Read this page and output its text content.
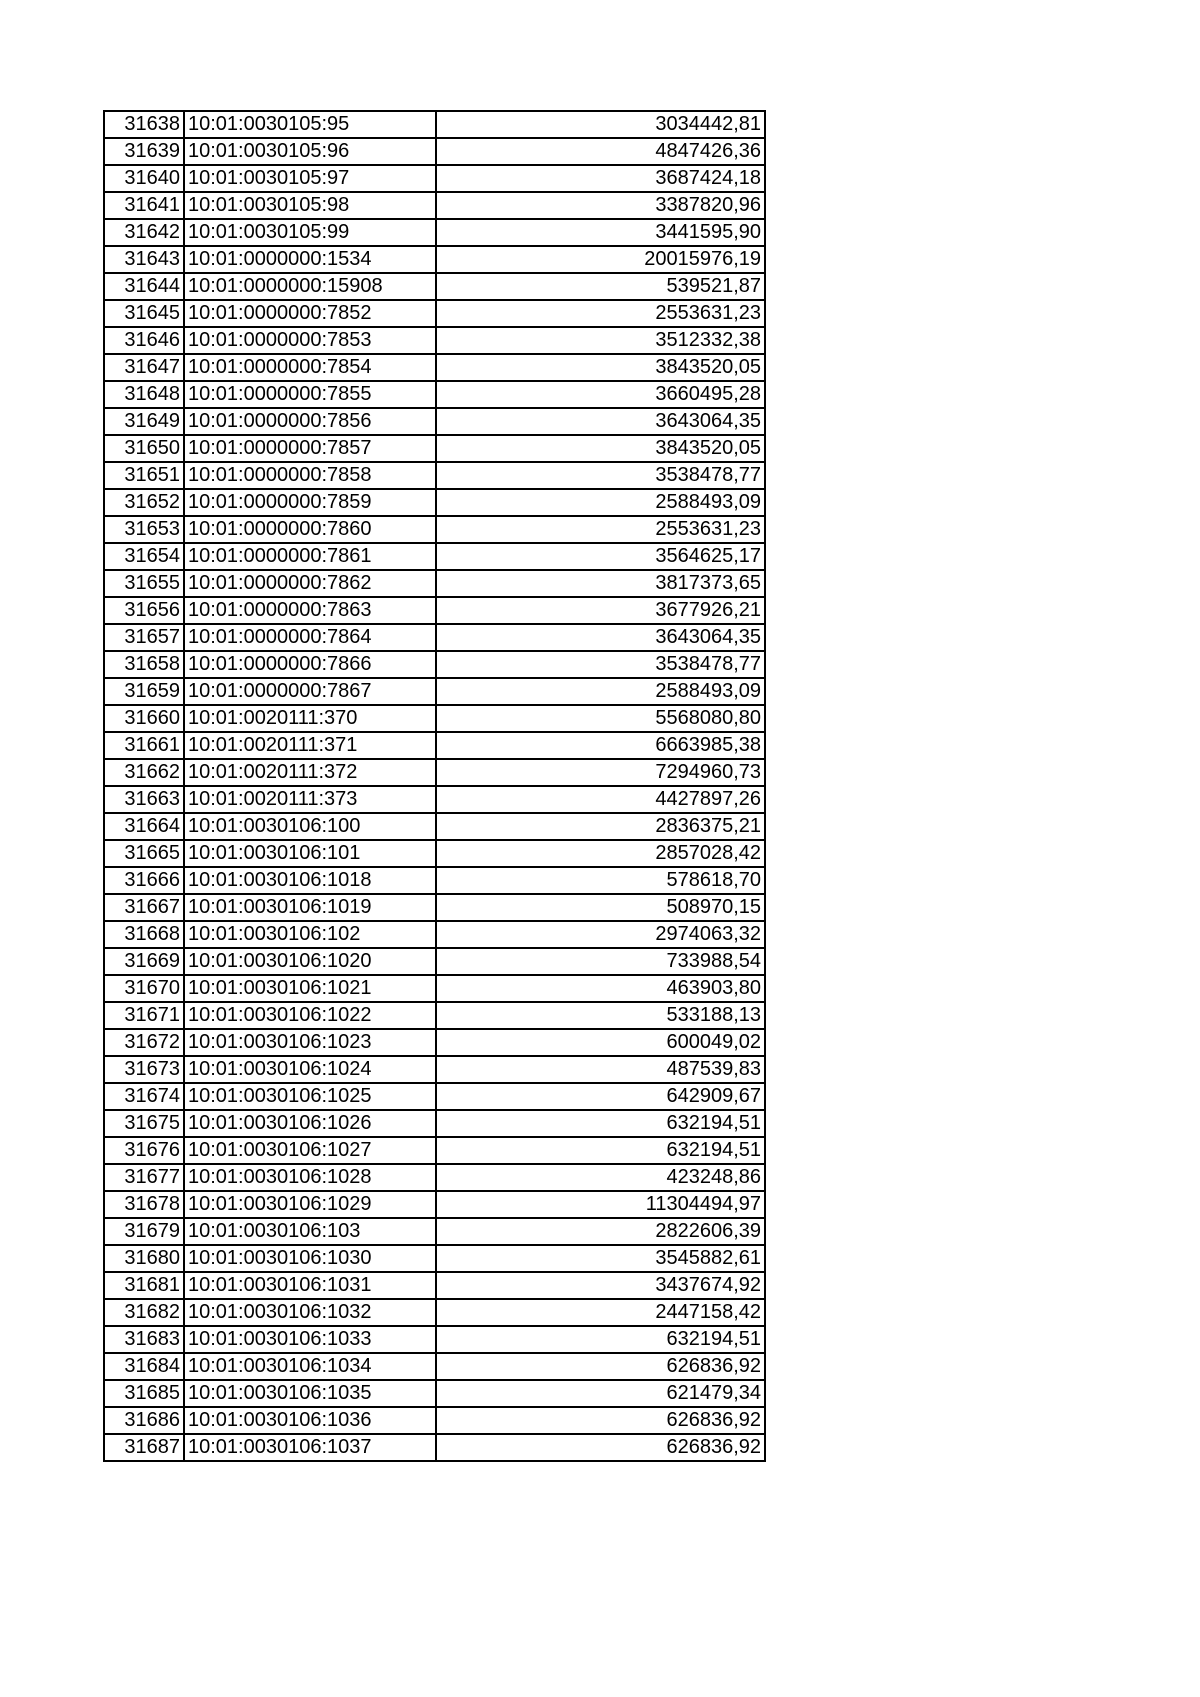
31638	10:01:0030105:95	3034442,81
31639	10:01:0030105:96	4847426,36
31640	10:01:0030105:97	3687424,18
31641	10:01:0030105:98	3387820,96
31642	10:01:0030105:99	3441595,90
31643	10:01:0000000:1534	20015976,19
31644	10:01:0000000:15908	539521,87
31645	10:01:0000000:7852	2553631,23
31646	10:01:0000000:7853	3512332,38
31647	10:01:0000000:7854	3843520,05
31648	10:01:0000000:7855	3660495,28
31649	10:01:0000000:7856	3643064,35
31650	10:01:0000000:7857	3843520,05
31651	10:01:0000000:7858	3538478,77
31652	10:01:0000000:7859	2588493,09
31653	10:01:0000000:7860	2553631,23
31654	10:01:0000000:7861	3564625,17
31655	10:01:0000000:7862	3817373,65
31656	10:01:0000000:7863	3677926,21
31657	10:01:0000000:7864	3643064,35
31658	10:01:0000000:7866	3538478,77
31659	10:01:0000000:7867	2588493,09
31660	10:01:0020111:370	5568080,80
31661	10:01:0020111:371	6663985,38
31662	10:01:0020111:372	7294960,73
31663	10:01:0020111:373	4427897,26
31664	10:01:0030106:100	2836375,21
31665	10:01:0030106:101	2857028,42
31666	10:01:0030106:1018	578618,70
31667	10:01:0030106:1019	508970,15
31668	10:01:0030106:102	2974063,32
31669	10:01:0030106:1020	733988,54
31670	10:01:0030106:1021	463903,80
31671	10:01:0030106:1022	533188,13
31672	10:01:0030106:1023	600049,02
31673	10:01:0030106:1024	487539,83
31674	10:01:0030106:1025	642909,67
31675	10:01:0030106:1026	632194,51
31676	10:01:0030106:1027	632194,51
31677	10:01:0030106:1028	423248,86
31678	10:01:0030106:1029	11304494,97
31679	10:01:0030106:103	2822606,39
31680	10:01:0030106:1030	3545882,61
31681	10:01:0030106:1031	3437674,92
31682	10:01:0030106:1032	2447158,42
31683	10:01:0030106:1033	632194,51
31684	10:01:0030106:1034	626836,92
31685	10:01:0030106:1035	621479,34
31686	10:01:0030106:1036	626836,92
31687	10:01:0030106:1037	626836,92
